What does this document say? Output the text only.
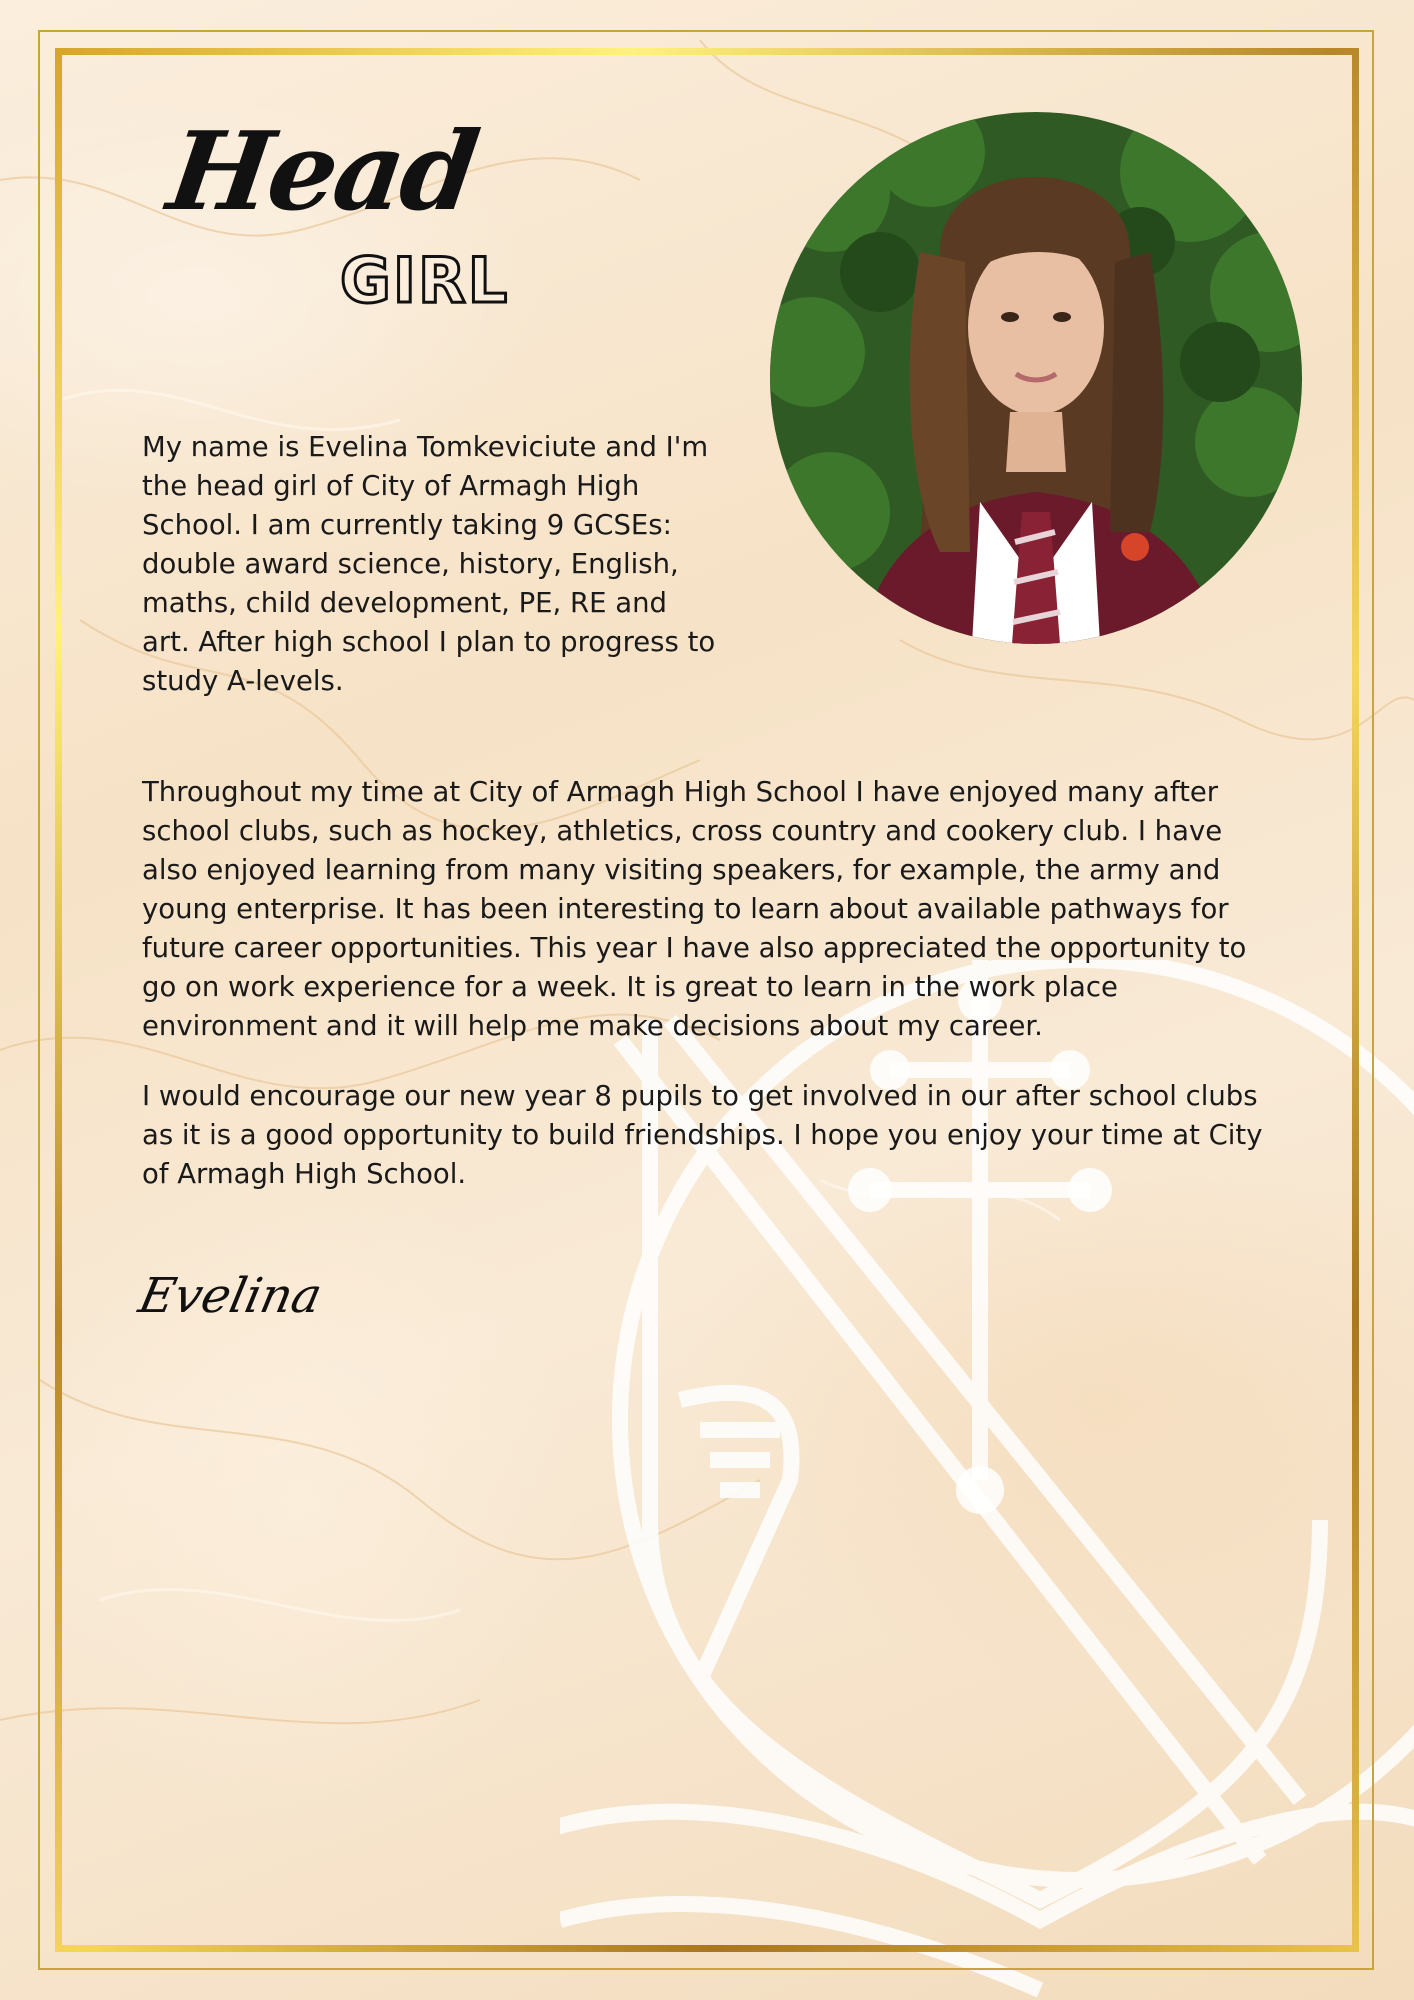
Head
GIRL

My name is Evelina Tomkeviciute and I'm the head girl of City of Armagh High School. I am currently taking 9 GCSEs: double award science, history, English, maths, child development, PE, RE and art. After high school I plan to progress to study A-levels.

Throughout my time at City of Armagh High School I have enjoyed many after school clubs, such as hockey, athletics, cross country and cookery club. I have also enjoyed learning from many visiting speakers, for example, the army and young enterprise. It has been interesting to learn about available pathways for future career opportunities. This year I have also appreciated the opportunity to go on work experience for a week. It is great to learn in the work place environment and it will help me make decisions about my career.

I would encourage our new year 8 pupils to get involved in our after school clubs as it is a good opportunity to build friendships. I hope you enjoy your time at City of Armagh High School.

Evelina
